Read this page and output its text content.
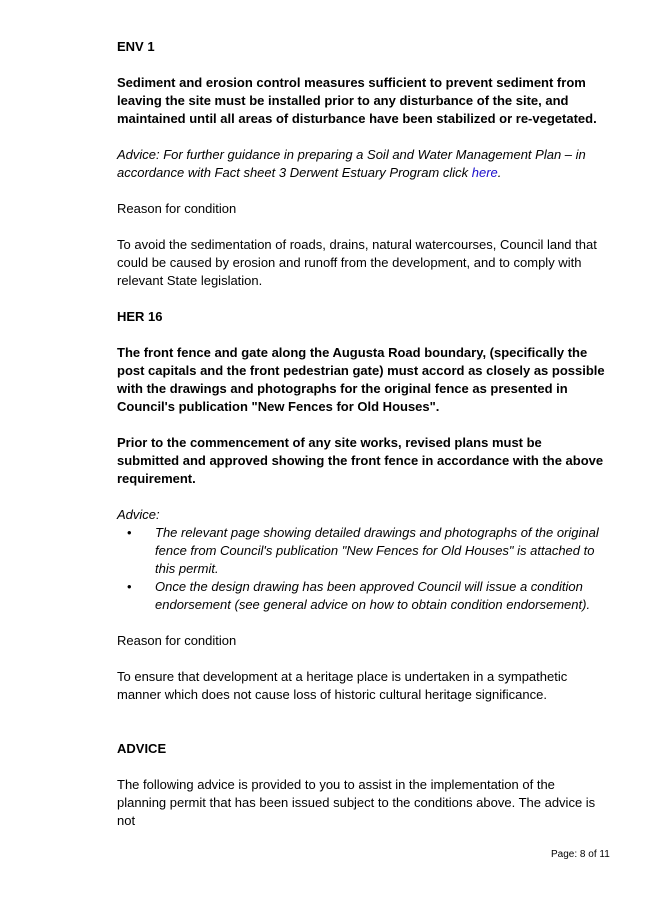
ENV 1

Sediment and erosion control measures sufficient to prevent sediment from leaving the site must be installed prior to any disturbance of the site, and maintained until all areas of disturbance have been stabilized or re-vegetated.

Advice: For further guidance in preparing a Soil and Water Management Plan – in accordance with Fact sheet 3 Derwent Estuary Program click here.

Reason for condition

To avoid the sedimentation of roads, drains, natural watercourses, Council land that could be caused by erosion and runoff from the development, and to comply with relevant State legislation.

HER 16

The front fence and gate along the Augusta Road boundary, (specifically the post capitals and the front pedestrian gate) must accord as closely as possible with the drawings and photographs for the original fence as presented in Council's publication "New Fences for Old Houses".

Prior to the commencement of any site works, revised plans must be submitted and approved showing the front fence in accordance with the above requirement.

Advice:

• The relevant page showing detailed drawings and photographs of the original fence from Council's publication "New Fences for Old Houses" is attached to this permit.
• Once the design drawing has been approved Council will issue a condition endorsement (see general advice on how to obtain condition endorsement).

Reason for condition

To ensure that development at a heritage place is undertaken in a sympathetic manner which does not cause loss of historic cultural heritage significance.

ADVICE

The following advice is provided to you to assist in the implementation of the planning permit that has been issued subject to the conditions above. The advice is not

Page: 8 of 11
